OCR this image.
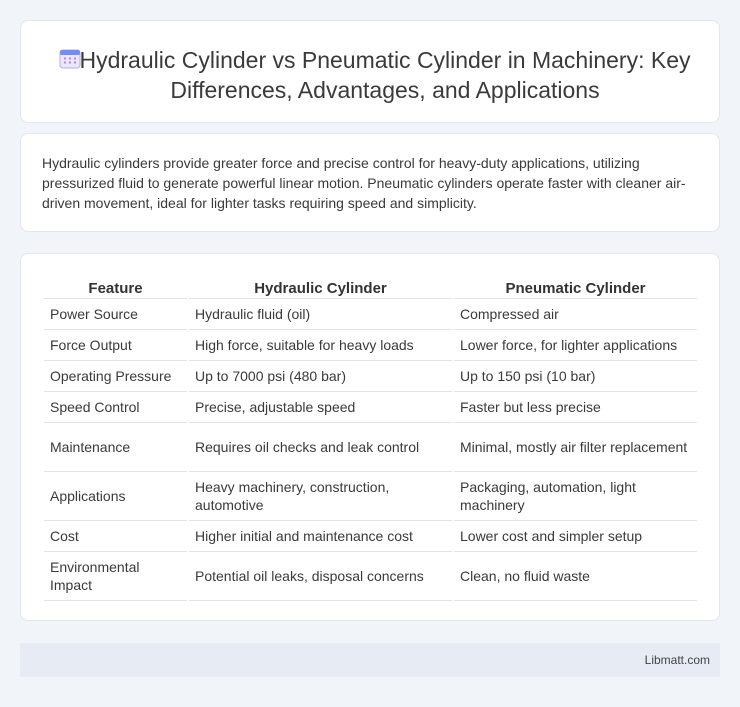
Hydraulic Cylinder vs Pneumatic Cylinder in Machinery: Key Differences, Advantages, and Applications

Hydraulic cylinders provide greater force and precise control for heavy-duty applications, utilizing pressurized fluid to generate powerful linear motion. Pneumatic cylinders operate faster with cleaner air-driven movement, ideal for lighter tasks requiring speed and simplicity.

Feature	Hydraulic Cylinder	Pneumatic Cylinder
Power Source	Hydraulic fluid (oil)	Compressed air
Force Output	High force, suitable for heavy loads	Lower force, for lighter applications
Operating Pressure	Up to 7000 psi (480 bar)	Up to 150 psi (10 bar)
Speed Control	Precise, adjustable speed	Faster but less precise
Maintenance	Requires oil checks and leak control	Minimal, mostly air filter replacement
Applications	Heavy machinery, construction, automotive	Packaging, automation, light machinery
Cost	Higher initial and maintenance cost	Lower cost and simpler setup
Environmental Impact	Potential oil leaks, disposal concerns	Clean, no fluid waste
Libmatt.com
